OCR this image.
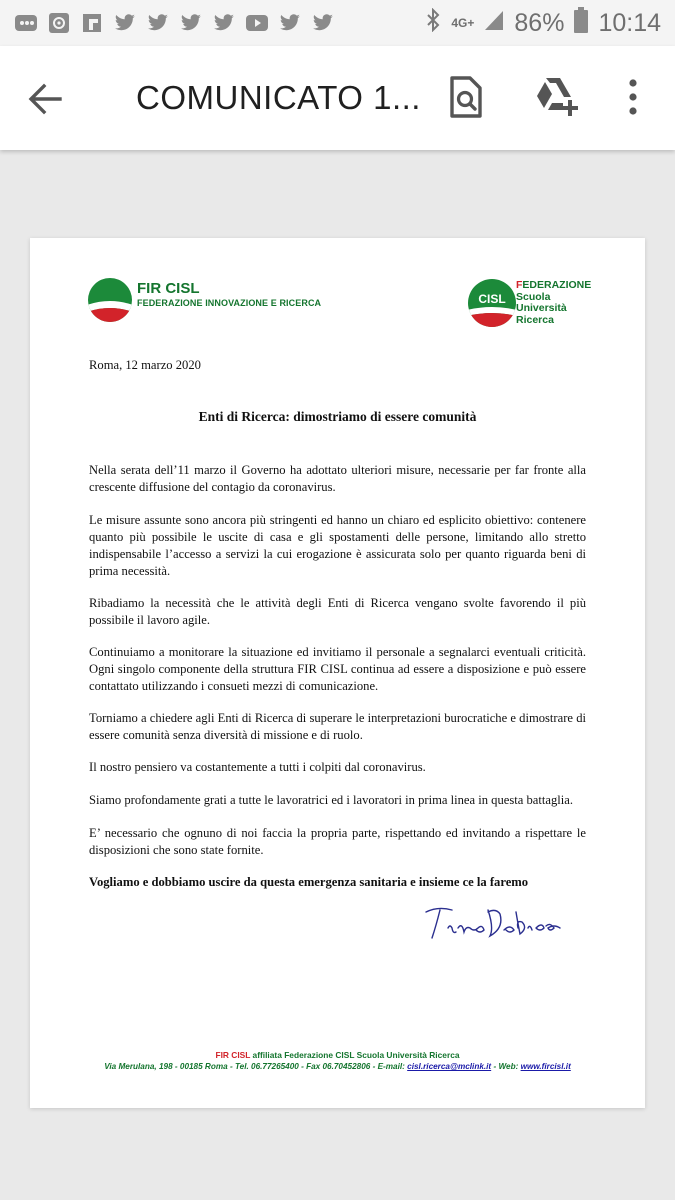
4G+ 86% 10:14
COMUNICATO 1...
FIR CISL
FEDERAZIONE INNOVAZIONE E RICERCA	CISL
FEDERAZIONE
Scuola
Università
Ricerca
Roma, 12 marzo 2020
Enti di Ricerca: dimostriamo di essere comunità
Nella serata dell’11 marzo il Governo ha adottato ulteriori misure, necessarie per far fronte alla crescente diffusione del contagio da coronavirus.
Le misure assunte sono ancora più stringenti ed hanno un chiaro ed esplicito obiettivo: contenere quanto più possibile le uscite di casa e gli spostamenti delle persone, limitando allo stretto indispensabile l’accesso a servizi la cui erogazione è assicurata solo per quanto riguarda beni di prima necessità.
Ribadiamo la necessità che le attività degli Enti di Ricerca vengano svolte favorendo il più possibile il lavoro agile.
Continuiamo a monitorare la situazione ed invitiamo il personale a segnalarci eventuali criticità. Ogni singolo componente della struttura FIR CISL continua ad essere a disposizione e può essere contattato utilizzando i consueti mezzi di comunicazione.
Torniamo a chiedere agli Enti di Ricerca di superare le interpretazioni burocratiche e dimostrare di essere comunità senza diversità di missione e di ruolo.
Il nostro pensiero va costantemente a tutti i colpiti dal coronavirus.
Siamo profondamente grati a tutte le lavoratrici ed i lavoratori in prima linea in questa battaglia.
E’ necessario che ognuno di noi faccia la propria parte, rispettando ed invitando a rispettare le disposizioni che sono state fornite.
Vogliamo e dobbiamo uscire da questa emergenza sanitaria e insieme ce la faremo
FIR CISL affiliata Federazione CISL Scuola Università Ricerca
Via Merulana, 198 - 00185 Roma - Tel. 06.77265400 - Fax 06.70452806 - E-mail: cisl.ricerca@mclink.it - Web: www.fircisl.it
